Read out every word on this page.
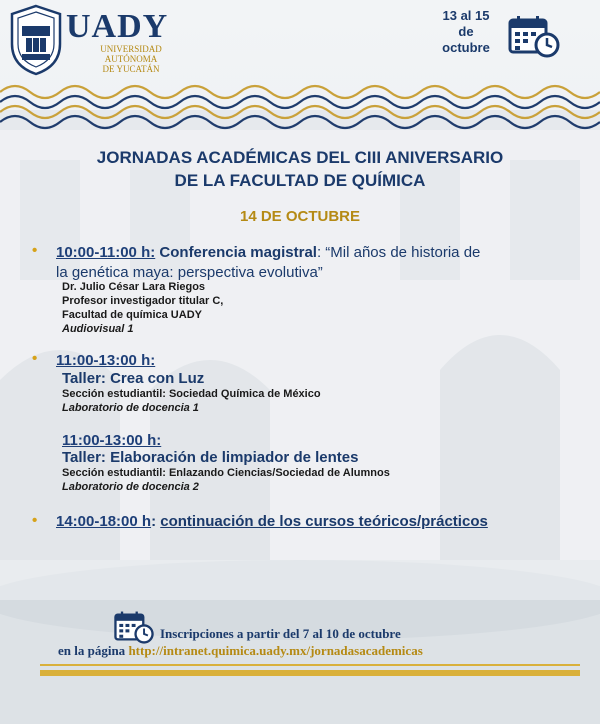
UADY
UNIVERSIDAD
AUTÓNOMA
DE YUCATÁN
13 al 15
de
octubre
JORNADAS ACADÉMICAS DEL CIII ANIVERSARIO
DE LA FACULTAD DE QUÍMICA
14 DE OCTUBRE
• 10:00-11:00 h: Conferencia magistral: “Mil años de historia de
la genética maya: perspectiva evolutiva”
Dr. Julio César Lara Riegos
Profesor investigador titular C,
Facultad de química UADY
Audiovisual 1
• 11:00-13:00 h:
Taller: Crea con Luz
Sección estudiantil: Sociedad Química de México
Laboratorio de docencia 1
11:00-13:00 h:
Taller: Elaboración de limpiador de lentes
Sección estudiantil: Enlazando Ciencias/Sociedad de Alumnos
Laboratorio de docencia 2
• 14:00-18:00 h: continuación de los cursos teóricos/prácticos
Inscripciones a partir del 7 al 10 de octubre
en la página http://intranet.quimica.uady.mx/jornadasacademicas
